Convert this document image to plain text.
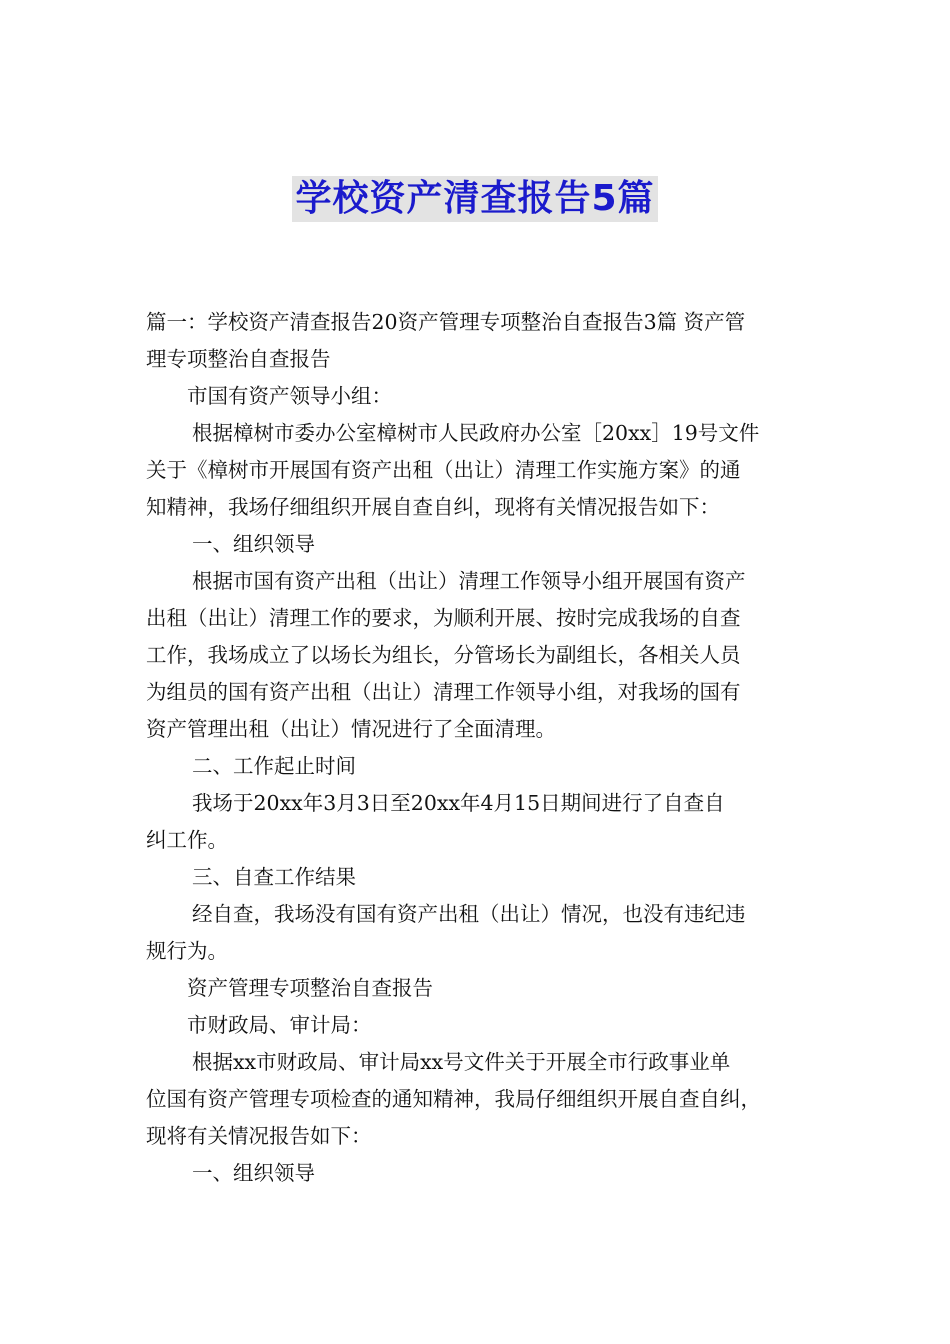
学校资产清查报告5篇

篇一：学校资产清查报告20资产管理专项整治自查报告3篇 资产管
理专项整治自查报告

市国有资产领导小组：

根据樟树市委办公室樟树市人民政府办公室［20xx］19号文件
关于《樟树市开展国有资产出租（出让）清理工作实施方案》的通
知精神，我场仔细组织开展自查自纠，现将有关情况报告如下：

一、组织领导

根据市国有资产出租（出让）清理工作领导小组开展国有资产
出租（出让）清理工作的要求，为顺利开展、按时完成我场的自查
工作，我场成立了以场长为组长，分管场长为副组长，各相关人员
为组员的国有资产出租（出让）清理工作领导小组，对我场的国有
资产管理出租（出让）情况进行了全面清理。

二、工作起止时间

我场于20xx年3月3日至20xx年4月15日期间进行了自查自
纠工作。

三、自查工作结果

经自查，我场没有国有资产出租（出让）情况，也没有违纪违
规行为。

资产管理专项整治自查报告

市财政局、审计局：

根据xx市财政局、审计局xx号文件关于开展全市行政事业单
位国有资产管理专项检查的通知精神，我局仔细组织开展自查自纠，
现将有关情况报告如下：

一、组织领导
